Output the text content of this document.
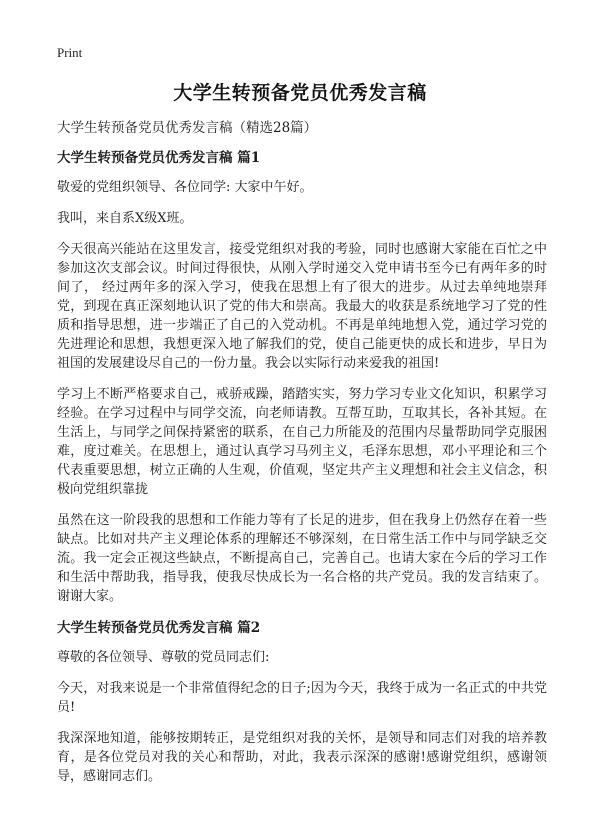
Print
大学生转预备党员优秀发言稿

大学生转预备党员优秀发言稿（精选28篇）

大学生转预备党员优秀发言稿 篇1

敬爱的党组织领导、各位同学: 大家中午好。

我叫，来自系X级X班。

今天很高兴能站在这里发言，接受党组织对我的考验，同时也感谢大家能在百忙之中参加这次支部会议。时间过得很快，从刚入学时递交入党申请书至今已有两年多的时间了， 经过两年多的深入学习，使我在思想上有了很大的进步。从过去单纯地崇拜党，到现在真正深刻地认识了党的伟大和崇高。我最大的收获是系统地学习了党的性质和指导思想，进一步端正了自己的入党动机。不再是单纯地想入党，通过学习党的先进理论和思想，我想更深入地了解我们的党，使自己能更快的成长和进步，早日为祖国的发展建设尽自己的一份力量。我会以实际行动来爱我的祖国!

学习上不断严格要求自己，戒骄戒躁，踏踏实实，努力学习专业文化知识，积累学习经验。在学习过程中与同学交流，向老师请教。互帮互助，互取其长，各补其短。在生活上，与同学之间保持紧密的联系，在自己力所能及的范围内尽量帮助同学克服困难，度过难关。在思想上，通过认真学习马列主义，毛泽东思想，邓小平理论和三个代表重要思想，树立正确的人生观，价值观，坚定共产主义理想和社会主义信念，积极向党组织靠拢

虽然在这一阶段我的思想和工作能力等有了长足的进步，但在我身上仍然存在着一些缺点。比如对共产主义理论体系的理解还不够深刻，在日常生活工作中与同学缺乏交流。我一定会正视这些缺点，不断提高自己，完善自己。也请大家在今后的学习工作和生活中帮助我，指导我，使我尽快成长为一名合格的共产党员。我的发言结束了。谢谢大家。

大学生转预备党员优秀发言稿 篇2

尊敬的各位领导、尊敬的党员同志们:

今天，对我来说是一个非常值得纪念的日子;因为今天，我终于成为一名正式的中共党员!

我深深地知道，能够按期转正，是党组织对我的关怀，是领导和同志们对我的培养教育，是各位党员对我的关心和帮助，对此，我表示深深的感谢!感谢党组织，感谢领导，感谢同志们。
